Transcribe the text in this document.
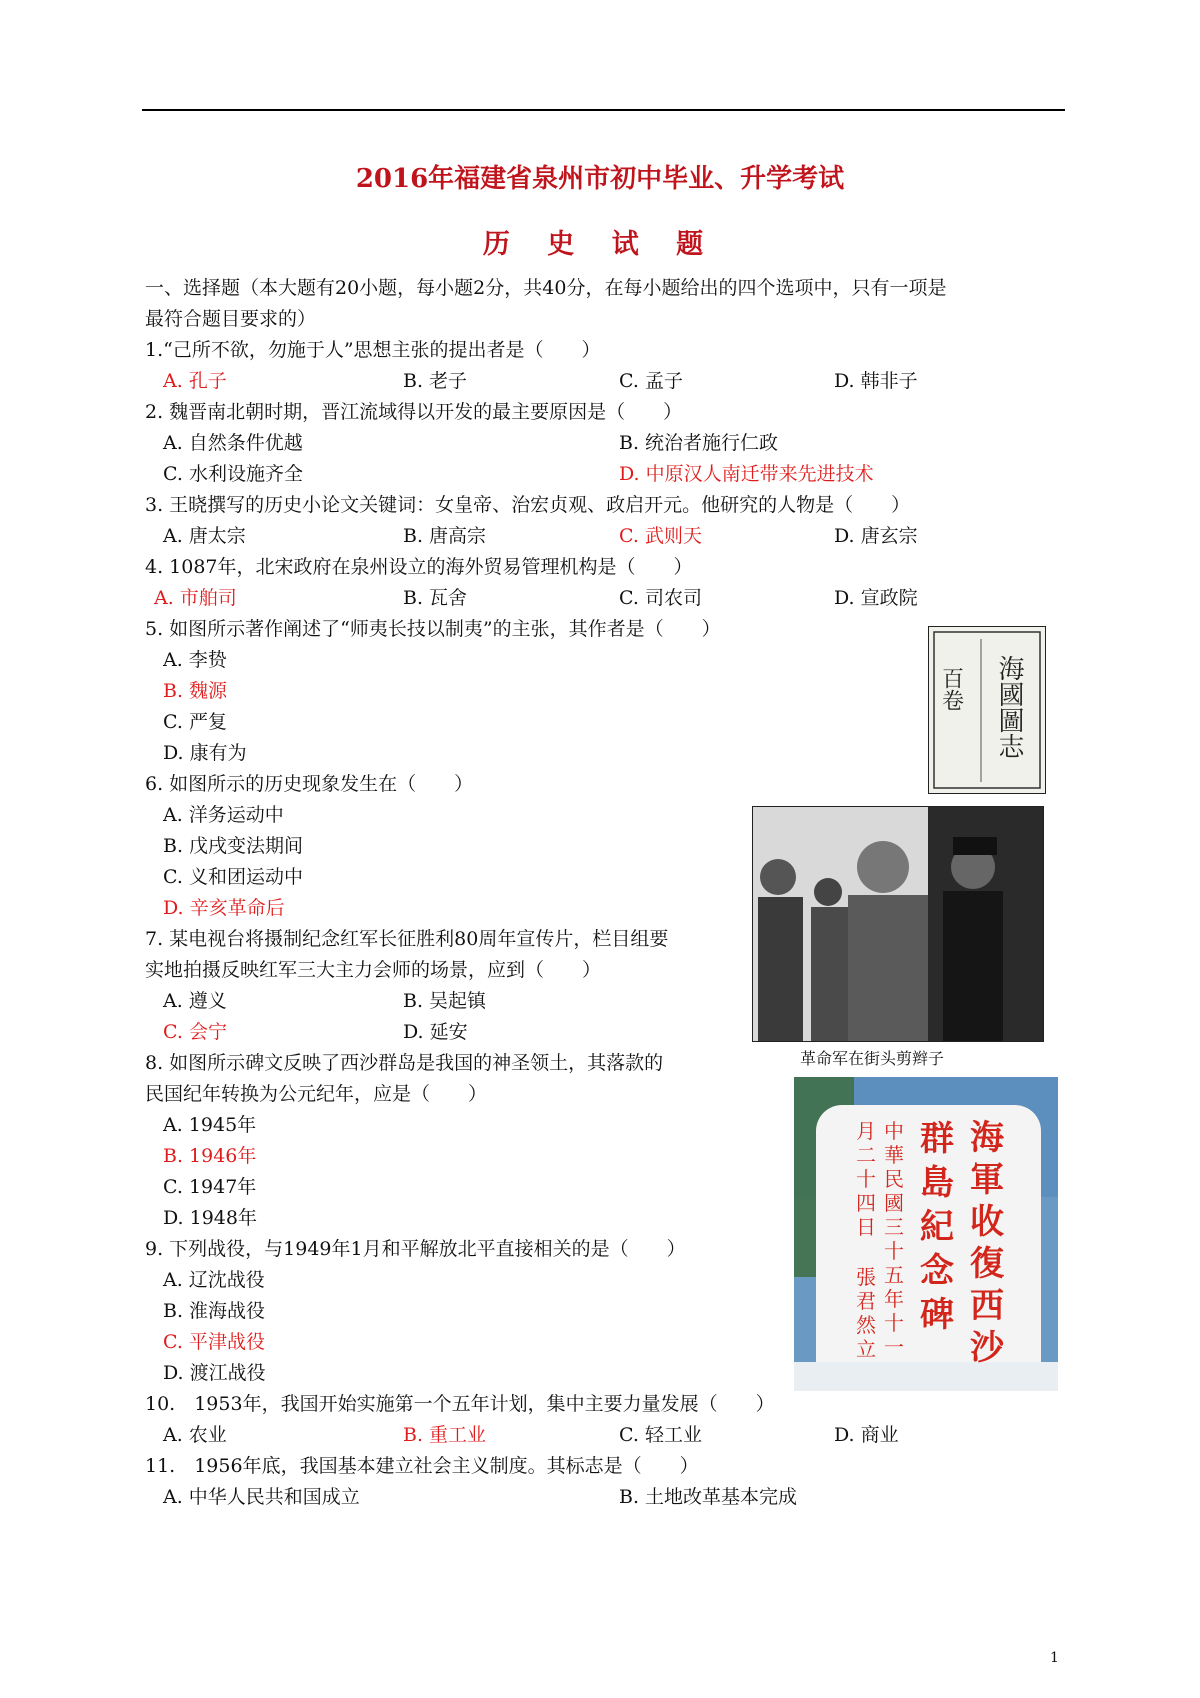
2016年福建省泉州市初中毕业、升学考试
历 史 试 题
一、选择题（本大题有20小题，每小题2分，共40分，在每小题给出的四个选项中，只有一项是
最符合题目要求的）
1.“己所不欲，勿施于人”思想主张的提出者是（　　）
A. 孔子	B. 老子	C. 孟子	D. 韩非子
2. 魏晋南北朝时期，晋江流域得以开发的最主要原因是（　　）
A. 自然条件优越	B. 统治者施行仁政
C. 水利设施齐全	D. 中原汉人南迁带来先进技术
3. 王晓撰写的历史小论文关键词：女皇帝、治宏贞观、政启开元。他研究的人物是（　　）
A. 唐太宗	B. 唐高宗	C. 武则天	D. 唐玄宗
4. 1087年，北宋政府在泉州设立的海外贸易管理机构是（　　）
A. 市舶司	B. 瓦舍	C. 司农司	D. 宣政院
5. 如图所示著作阐述了“师夷长技以制夷”的主张，其作者是（　　）
A. 李贽
B. 魏源
C. 严复
D. 康有为
6. 如图所示的历史现象发生在（　　）
A. 洋务运动中
B. 戊戌变法期间
C. 义和团运动中
D. 辛亥革命后
7. 某电视台将摄制纪念红军长征胜利80周年宣传片，栏目组要
实地拍摄反映红军三大主力会师的场景，应到（　　）
A. 遵义	B. 吴起镇
C. 会宁	D. 延安
8. 如图所示碑文反映了西沙群岛是我国的神圣领土，其落款的
民国纪年转换为公元纪年，应是（　　）
A. 1945年
B. 1946年
C. 1947年
D. 1948年
9. 下列战役，与1949年1月和平解放北平直接相关的是（　　）
A. 辽沈战役
B. 淮海战役
C. 平津战役
D. 渡江战役
10.　1953年，我国开始实施第一个五年计划，集中主要力量发展（　　）
A. 农业	B. 重工业	C. 轻工业	D. 商业
11.　1956年底，我国基本建立社会主义制度。其标志是（　　）
A. 中华人民共和国成立	B. 土地改革基本完成
百卷 海國圖志
革命军在街头剪辫子
海軍收復西沙
群島紀念碑
中華民國三十五年十一
月二十四日
張君然立
1
